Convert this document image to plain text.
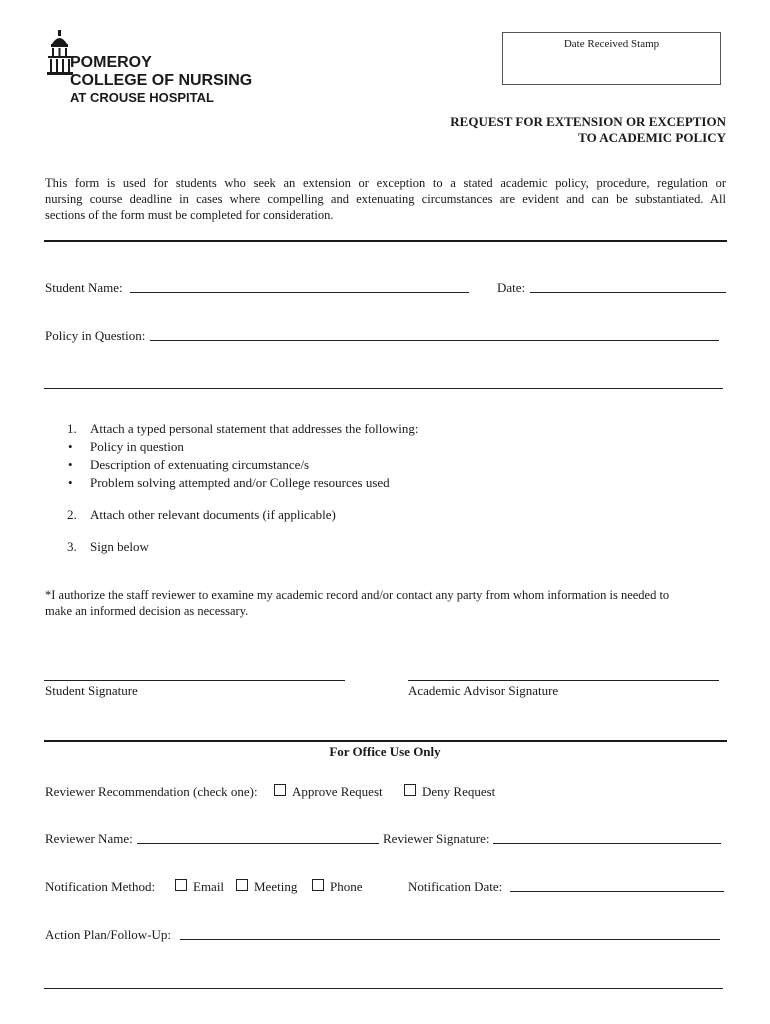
POMEROY
COLLEGE OF NURSING
AT CROUSE HOSPITAL
Date Received Stamp
REQUEST FOR EXTENSION OR EXCEPTION
TO ACADEMIC POLICY
This form is used for students who seek an extension or exception to a stated academic policy, procedure, regulation or
nursing course deadline in cases where compelling and extenuating circumstances are evident and can be substantiated. All
sections of the form must be completed for consideration.
Student Name:	Date:
Policy in Question:
1. Attach a typed personal statement that addresses the following:
• Policy in question
• Description of extenuating circumstance/s
• Problem solving attempted and/or College resources used
2. Attach other relevant documents (if applicable)
3. Sign below
*I authorize the staff reviewer to examine my academic record and/or contact any party from whom information is needed to
make an informed decision as necessary.
Student Signature	Academic Advisor Signature
For Office Use Only
Reviewer Recommendation (check one):	Approve Request	Deny Request
Reviewer Name:	Reviewer Signature:
Notification Method:	Email Meeting	Phone	Notification Date:
Action Plan/Follow-Up:
